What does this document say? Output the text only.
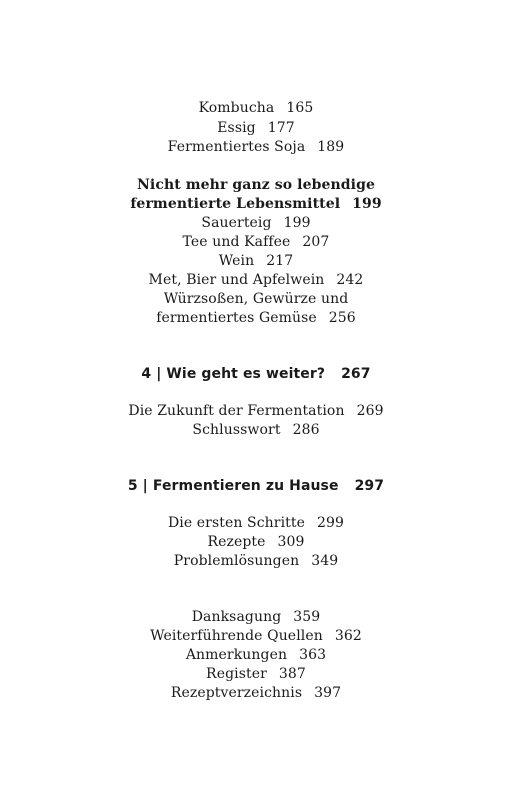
Kombucha 165
Essig 177
Fermentiertes Soja 189
Nicht mehr ganz so lebendige
fermentierte Lebensmittel 199
Sauerteig 199
Tee und Kaffee 207
Wein 217
Met, Bier und Apfelwein 242
Würzsoßen, Gewürze und
fermentiertes Gemüse 256
4 | Wie geht es weiter? 267
Die Zukunft der Fermentation 269
Schlusswort 286
5 | Fermentieren zu Hause 297
Die ersten Schritte 299
Rezepte 309
Problemlösungen 349
Danksagung 359
Weiterführende Quellen 362
Anmerkungen 363
Register 387
Rezeptverzeichnis 397
